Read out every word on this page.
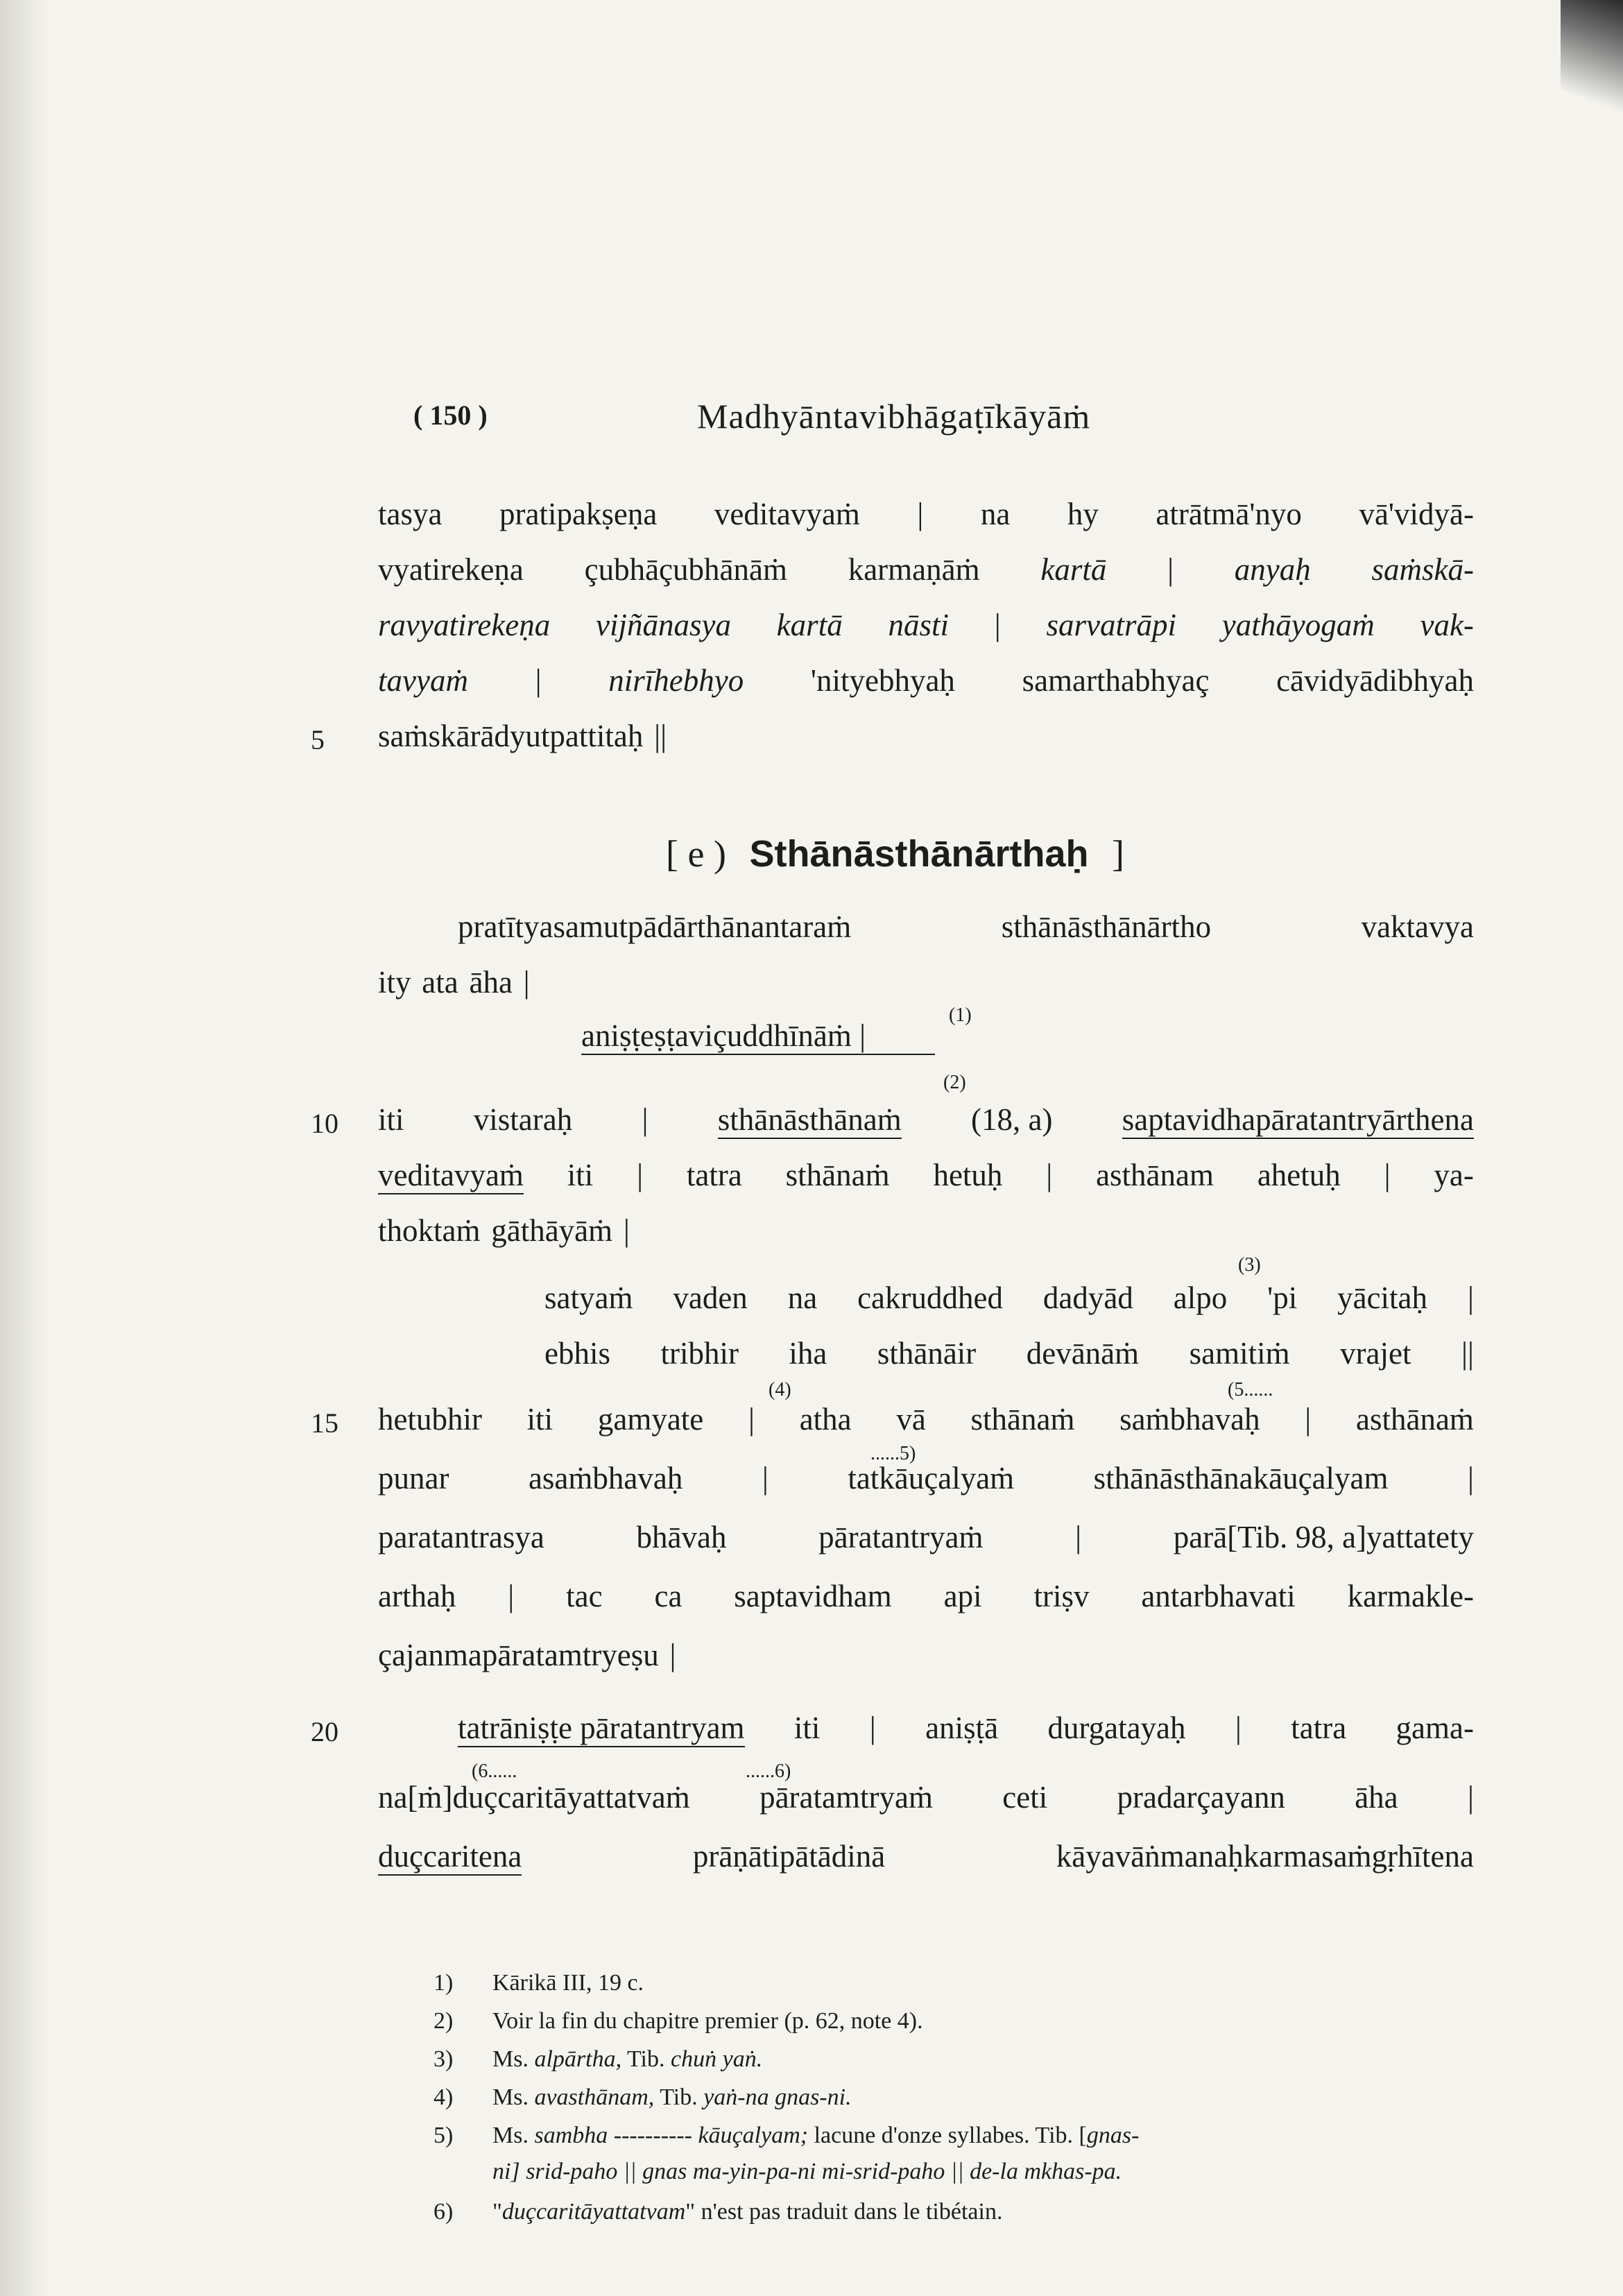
( 150 )	Madhyāntavibhāgaṭīkāyāṁ
tasya pratipakṣeṇa veditavyaṁ | na hy atrātmā'nyo vā'vidyā-
vyatirekeṇa çubhāçubhānāṁ karmaṇāṁ kartā | anyaḥ saṁskā-
ravyatirekeṇa vijñānasya kartā nāsti | sarvatrāpi yathāyogaṁ vak-
tavyaṁ | nirīhebhyo 'nityebhyaḥ samarthabhyaç cāvidyādibhyaḥ
saṁskārādyutpattitaḥ ||
5
[ e ) Sthānāsthānārthaḥ ]
pratītyasamutpādārthānantaraṁ	sthānāsthānārtho	vaktavya
ity ata āha |
(1)
aniṣṭeṣṭaviçuddhīnāṁ |
(2)
iti vistaraḥ | sthānāsthānaṁ (18, a) saptavidhapāratantryārthena
10
veditavyaṁ iti | tatra sthānaṁ hetuḥ | asthānam ahetuḥ | ya-
thoktaṁ gāthāyāṁ |
(3)
satyaṁ vaden na cakruddhed dadyād alpo 'pi yācitaḥ |
ebhis tribhir iha sthānāir devānāṁ samitiṁ vrajet ||
(4)	(5......
hetubhir iti gamyate | atha vā sthānaṁ saṁbhavaḥ | asthānaṁ
15
......5)
punar	asaṁbhavaḥ	|	tatkāuçalyaṁ	sthānāsthānakāuçalyam	|
paratantrasya	bhāvaḥ	pāratantryaṁ	|	parā[Tib. 98, a]yattatety
arthaḥ | tac ca saptavidham api triṣv antarbhavati karmakle-
çajanmapāratamtryeṣu |
tatrāniṣṭe pāratantryam iti | aniṣṭā durgatayaḥ | tatra gama-
20
(6......	......6)
na[ṁ]duçcaritāyattatvaṁ pāratamtryaṁ ceti pradarçayann āha |
duçcaritena	prāṇātipātādinā	kāyavāṅmanaḥkarmasaṁgṛhītena
1) Kārikā III, 19 c.
2) Voir la fin du chapitre premier (p. 62, note 4).
3) Ms. alpārtha, Tib. chuṅ yaṅ.
4) Ms. avasthānam, Tib. yaṅ-na gnas-ni.
5) Ms. sambha ---------- kāuçalyam; lacune d'onze syllabes. Tib. [gnas-
ni] srid-paho || gnas ma-yin-pa-ni mi-srid-paho || de-la mkhas-pa.
6) "duçcaritāyattatvam" n'est pas traduit dans le tibétain.
